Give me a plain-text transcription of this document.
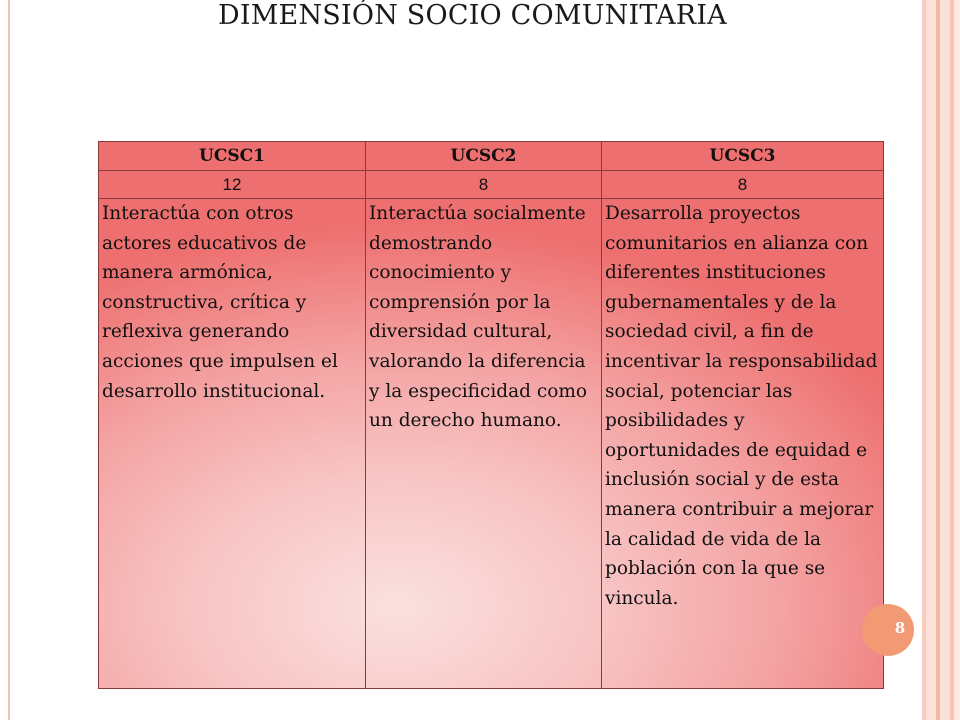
DIMENSIÓN SOCIO COMUNITARIA
UCSC1	UCSC2	UCSC3
12	8	8
Interactúa con otros actores educativos de manera armónica, constructiva, crítica y reflexiva generando acciones que impulsen el desarrollo institucional.	Interactúa socialmente demostrando conocimiento y comprensión por la diversidad cultural, valorando la diferencia y la especificidad como un derecho humano.	Desarrolla proyectos comunitarios en alianza con diferentes instituciones gubernamentales y de la sociedad civil, a fin de incentivar la responsabilidad social, potenciar las posibilidades y oportunidades de equidad e inclusión social y de esta manera contribuir a mejorar la calidad de vida de la población con la que se vincula.
8
